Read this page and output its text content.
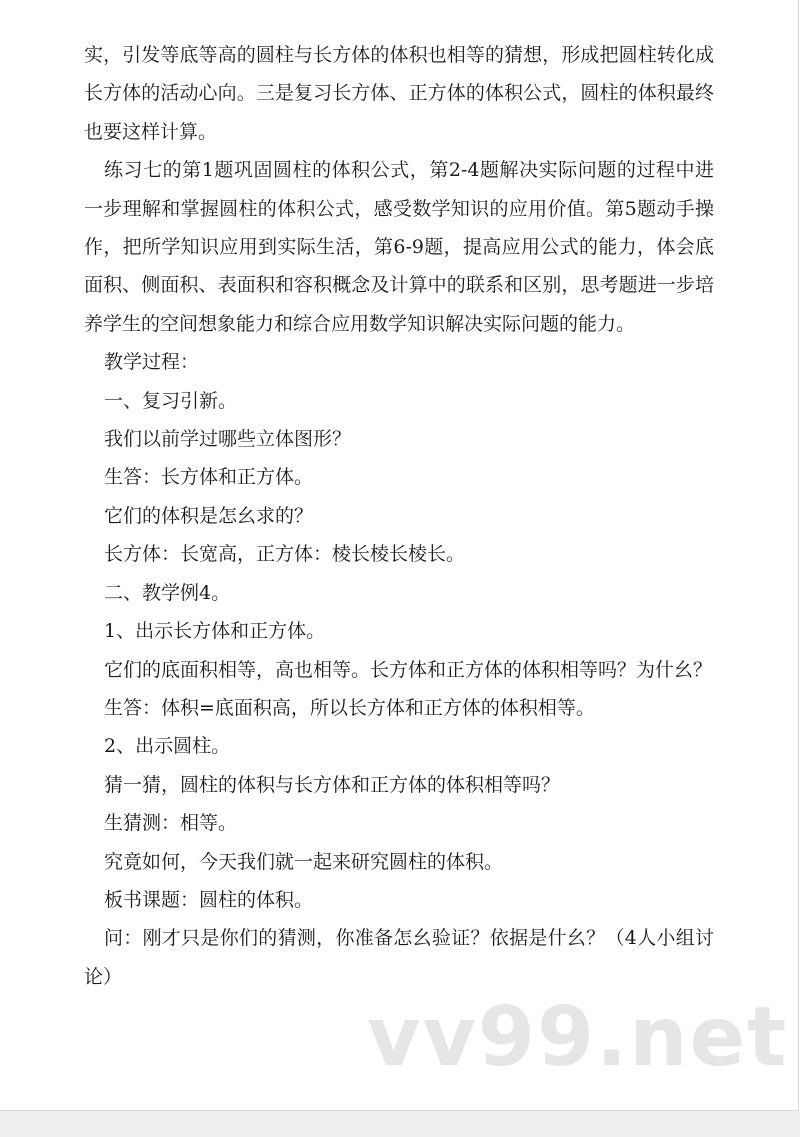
实，引发等底等高的圆柱与长方体的体积也相等的猜想，形成把圆柱转化成长方体的活动心向。三是复习长方体、正方体的体积公式，圆柱的体积最终也要这样计算。

练习七的第1题巩固圆柱的体积公式，第2-4题解决实际问题的过程中进一步理解和掌握圆柱的体积公式，感受数学知识的应用价值。第5题动手操作，把所学知识应用到实际生活，第6-9题，提高应用公式的能力，体会底面积、侧面积、表面积和容积概念及计算中的联系和区别，思考题进一步培养学生的空间想象能力和综合应用数学知识解决实际问题的能力。

教学过程：

一、复习引新。

我们以前学过哪些立体图形？

生答：长方体和正方体。

它们的体积是怎幺求的？

长方体：长宽高，正方体：棱长棱长棱长。

二、教学例4。

1、出示长方体和正方体。

它们的底面积相等，高也相等。长方体和正方体的体积相等吗？为什幺？

生答：体积=底面积高，所以长方体和正方体的体积相等。

2、出示圆柱。

猜一猜，圆柱的体积与长方体和正方体的体积相等吗？

生猜测：相等。

究竟如何，今天我们就一起来研究圆柱的体积。

板书课题：圆柱的体积。

问：刚才只是你们的猜测，你准备怎幺验证？依据是什幺？（4人小组讨论）

vv99.net
